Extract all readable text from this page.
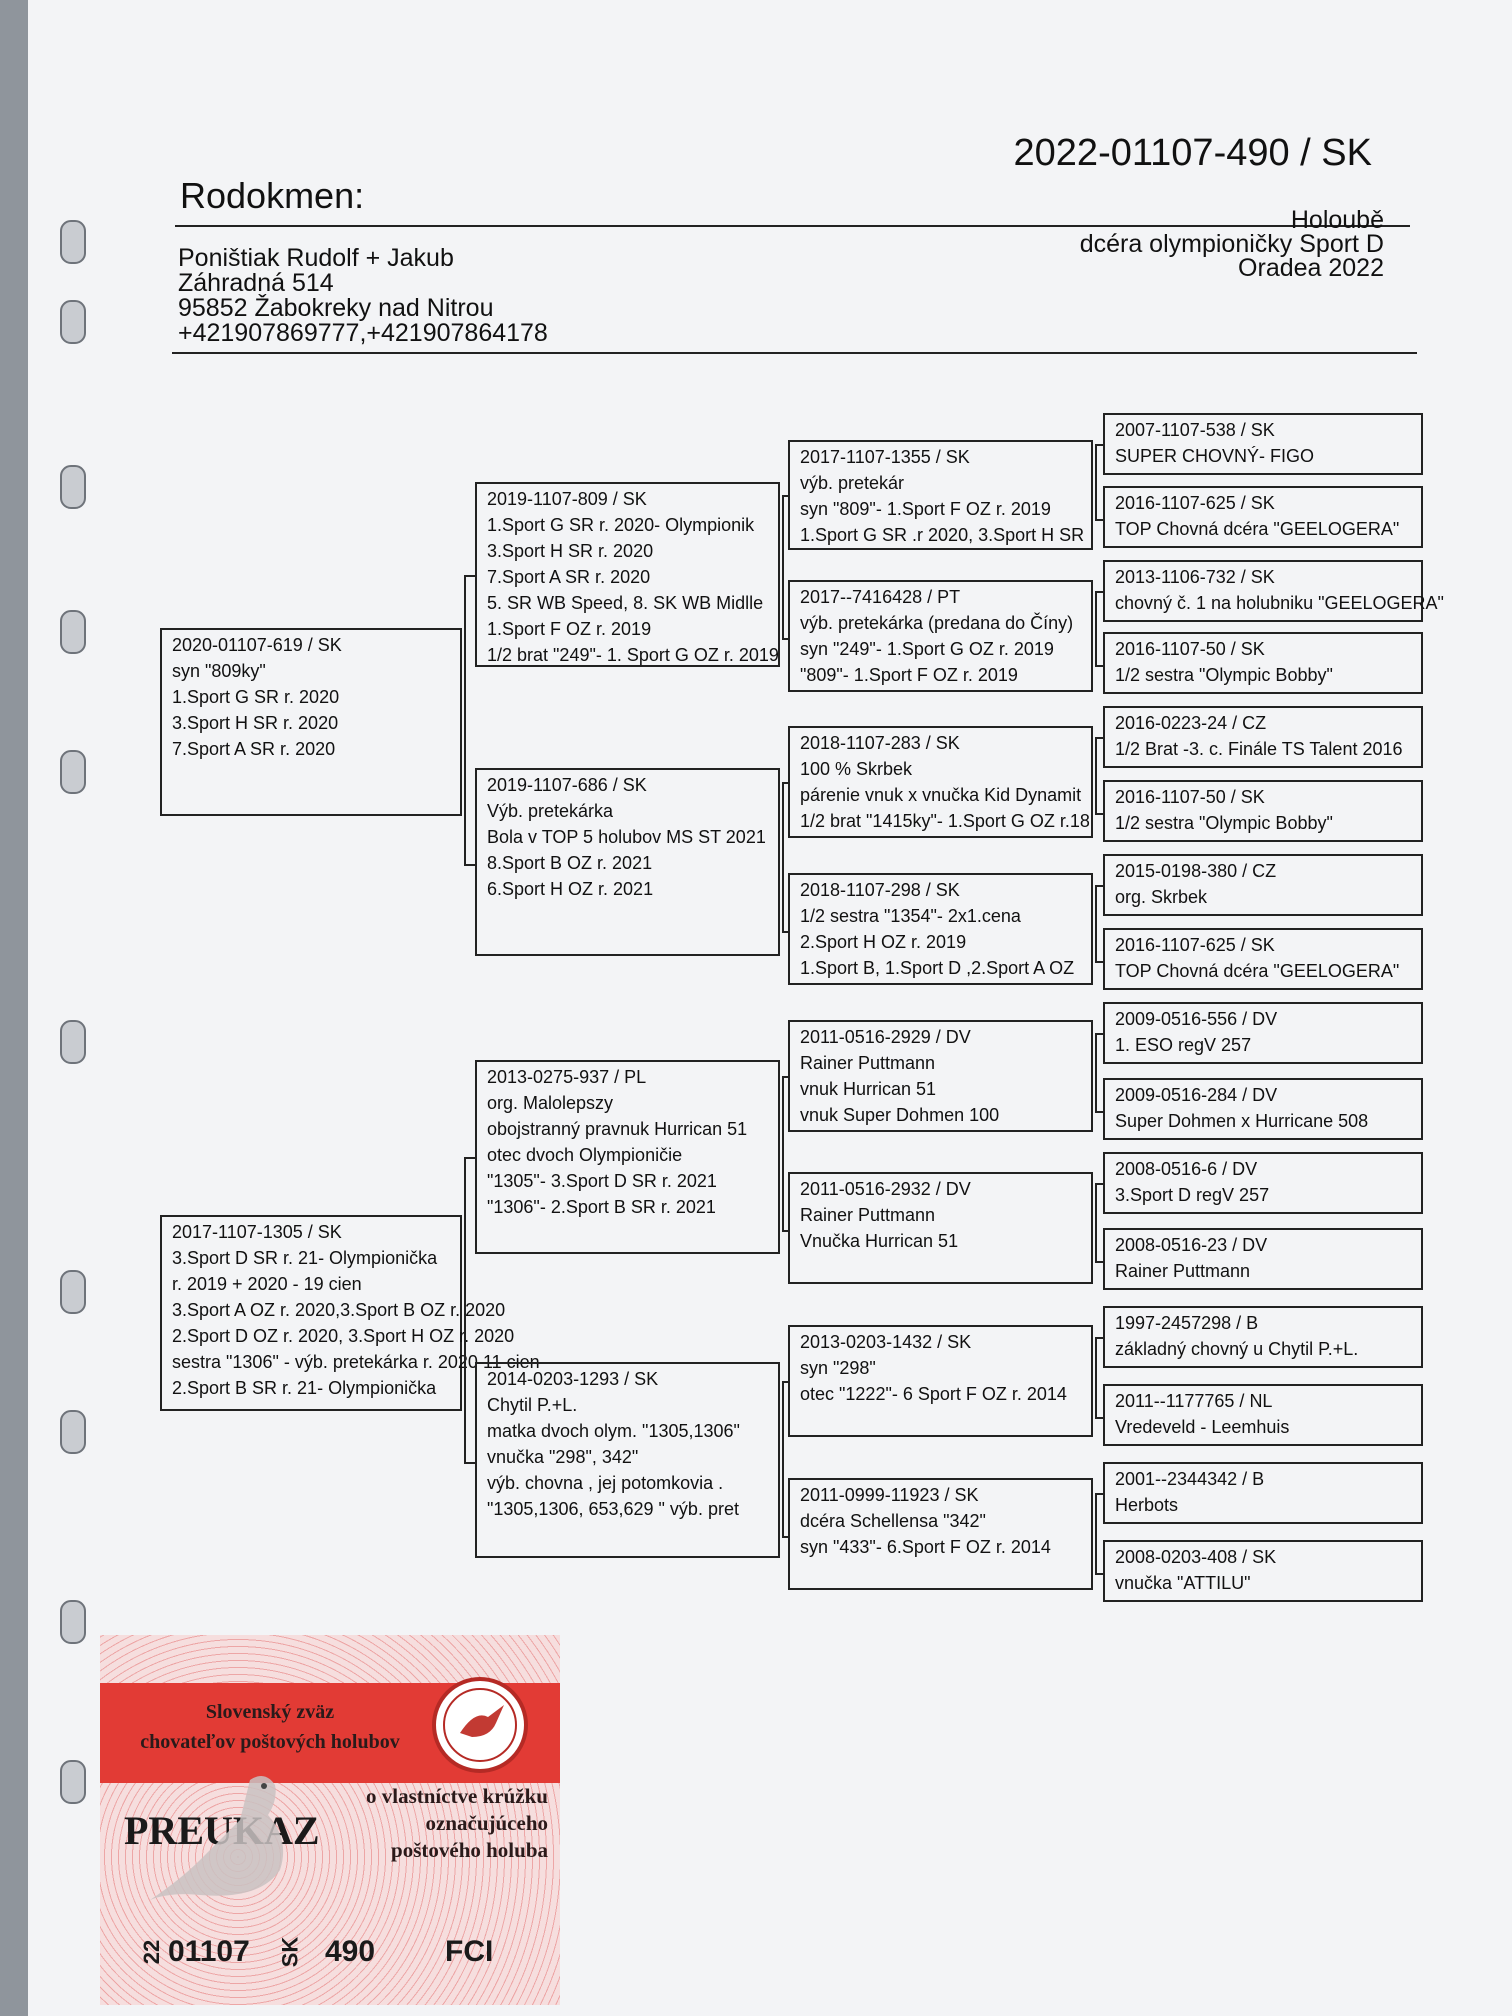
Rodokmen:
2022-01107-490 / SK
Poništiak Rudolf + Jakub
Záhradná 514
95852 Žabokreky nad Nitrou
+421907869777,+421907864178
Holoubě
dcéra olympioničky Sport D
Oradea 2022
2020-01107-619 / SK
syn "809ky"
1.Sport G SR r. 2020
3.Sport H SR r. 2020
7.Sport A SR r. 2020
2017-1107-1305 / SK
3.Sport D SR r. 21- Olympionička
r. 2019 + 2020 - 19 cien
3.Sport A OZ r. 2020,3.Sport B OZ r. 2020
2.Sport D OZ r. 2020, 3.Sport H OZ r. 2020
sestra "1306" - výb. pretekárka r. 2020 11 cien
2.Sport B SR r. 21- Olympionička
2019-1107-809 / SK
1.Sport G SR r. 2020- Olympionik
3.Sport H SR r. 2020
7.Sport A SR r. 2020
5. SR WB Speed, 8. SK WB Midlle
1.Sport F OZ r. 2019
1/2 brat "249"- 1. Sport G OZ r. 2019
2019-1107-686 / SK
Výb. pretekárka
Bola v TOP 5 holubov MS ST 2021
8.Sport B OZ r. 2021
6.Sport H OZ r. 2021
2013-0275-937 / PL
org. Malolepszy
obojstranný pravnuk Hurrican 51
otec dvoch Olympioničie
"1305"- 3.Sport D SR r. 2021
"1306"- 2.Sport B SR r. 2021
2014-0203-1293 / SK
Chytil P.+L.
matka dvoch olym. "1305,1306"
vnučka "298", 342"
výb. chovna , jej potomkovia .
"1305,1306, 653,629 " výb. pret
2017-1107-1355 / SK
výb. pretekár
syn "809"- 1.Sport F OZ r. 2019
1.Sport G SR .r 2020, 3.Sport H SR
2017--7416428 / PT
výb. pretekárka (predana do Číny)
syn "249"- 1.Sport G OZ r. 2019
"809"- 1.Sport F OZ r. 2019
2018-1107-283 / SK
100 % Skrbek
párenie vnuk x vnučka Kid Dynamit
1/2 brat "1415ky"- 1.Sport G OZ r.18
2018-1107-298 / SK
1/2 sestra "1354"- 2x1.cena
2.Sport H OZ r. 2019
1.Sport B, 1.Sport D ,2.Sport A OZ
2011-0516-2929 / DV
Rainer Puttmann
vnuk Hurrican 51
vnuk Super Dohmen 100
2011-0516-2932 / DV
Rainer Puttmann
Vnučka Hurrican 51
2013-0203-1432 / SK
syn "298"
otec "1222"- 6 Sport F OZ r. 2014
2011-0999-11923 / SK
dcéra Schellensa "342"
syn "433"- 6.Sport F OZ r. 2014
2007-1107-538 / SK
SUPER CHOVNÝ- FIGO
2016-1107-625 / SK
TOP Chovná dcéra "GEELOGERA"
2013-1106-732 / SK
chovný č. 1 na holubniku "GEELOGERA"
2016-1107-50 / SK
1/2 sestra "Olympic Bobby"
2016-0223-24 / CZ
1/2 Brat -3. c. Finále TS Talent 2016
2016-1107-50 / SK
1/2 sestra "Olympic Bobby"
2015-0198-380 / CZ
org. Skrbek
2016-1107-625 / SK
TOP Chovná dcéra "GEELOGERA"
2009-0516-556 / DV
1. ESO regV 257
2009-0516-284 / DV
Super Dohmen x Hurricane 508
2008-0516-6 / DV
3.Sport D regV 257
2008-0516-23 / DV
Rainer Puttmann
1997-2457298 / B
základný chovný u Chytil P.+L.
2011--1177765 / NL
Vredeveld - Leemhuis
2001--2344342 / B
Herbots
2008-0203-408 / SK
vnučka "ATTILU"
Slovenský zväz
chovateľov poštových holubov
PREUKAZ
o vlastníctve krúžku
označujúceho
poštového holuba
22 01107 SK 490 FCI
